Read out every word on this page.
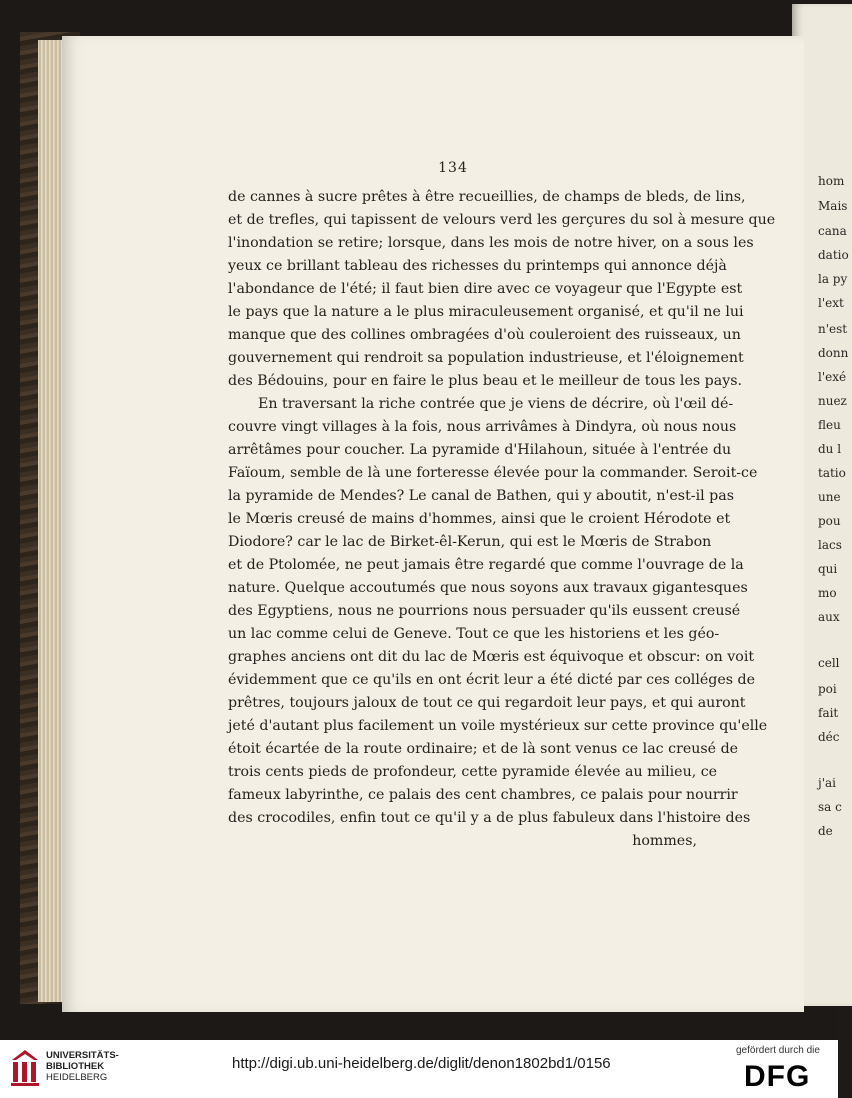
hom
Mais
cana
datio
la py
l'ext
n'est
donn
l'exé
nuez
fleu
du l
tatio
une
pou
lacs
qui
mo
aux
cell
poi
fait
déc
j'ai
sa c
de
134
de cannes à sucre prêtes à être recueillies, de champs de bleds, de lins,
et de trefles, qui tapissent de velours verd les gerçures du sol à mesure que
l'inondation se retire; lorsque, dans les mois de notre hiver, on a sous les
yeux ce brillant tableau des richesses du printemps qui annonce déjà
l'abondance de l'été; il faut bien dire avec ce voyageur que l'Egypte est
le pays que la nature a le plus miraculeusement organisé, et qu'il ne lui
manque que des collines ombragées d'où couleroient des ruisseaux, un
gouvernement qui rendroit sa population industrieuse, et l'éloignement
des Bédouins, pour en faire le plus beau et le meilleur de tous les pays.
En traversant la riche contrée que je viens de décrire, où l'œil dé-
couvre vingt villages à la fois, nous arrivâmes à Dindyra, où nous nous
arrêtâmes pour coucher. La pyramide d'Hilahoun, située à l'entrée du
Faïoum, semble de là une forteresse élevée pour la commander. Seroit-ce
la pyramide de Mendes? Le canal de Bathen, qui y aboutit, n'est-il pas
le Mœris creusé de mains d'hommes, ainsi que le croient Hérodote et
Diodore? car le lac de Birket-êl-Kerun, qui est le Mœris de Strabon
et de Ptolomée, ne peut jamais être regardé que comme l'ouvrage de la
nature. Quelque accoutumés que nous soyons aux travaux gigantesques
des Egyptiens, nous ne pourrions nous persuader qu'ils eussent creusé
un lac comme celui de Geneve. Tout ce que les historiens et les géo-
graphes anciens ont dit du lac de Mœris est équivoque et obscur: on voit
évidemment que ce qu'ils en ont écrit leur a été dicté par ces colléges de
prêtres, toujours jaloux de tout ce qui regardoit leur pays, et qui auront
jeté d'autant plus facilement un voile mystérieux sur cette province qu'elle
étoit écartée de la route ordinaire; et de là sont venus ce lac creusé de
trois cents pieds de profondeur, cette pyramide élevée au milieu, ce
fameux labyrinthe, ce palais des cent chambres, ce palais pour nourrir
des crocodiles, enfin tout ce qu'il y a de plus fabuleux dans l'histoire des
hommes,
UNIVERSITÄTS-
BIBLIOTHEK
HEIDELBERG
http://digi.ub.uni-heidelberg.de/diglit/denon1802bd1/0156
gefördert durch die
DFG
